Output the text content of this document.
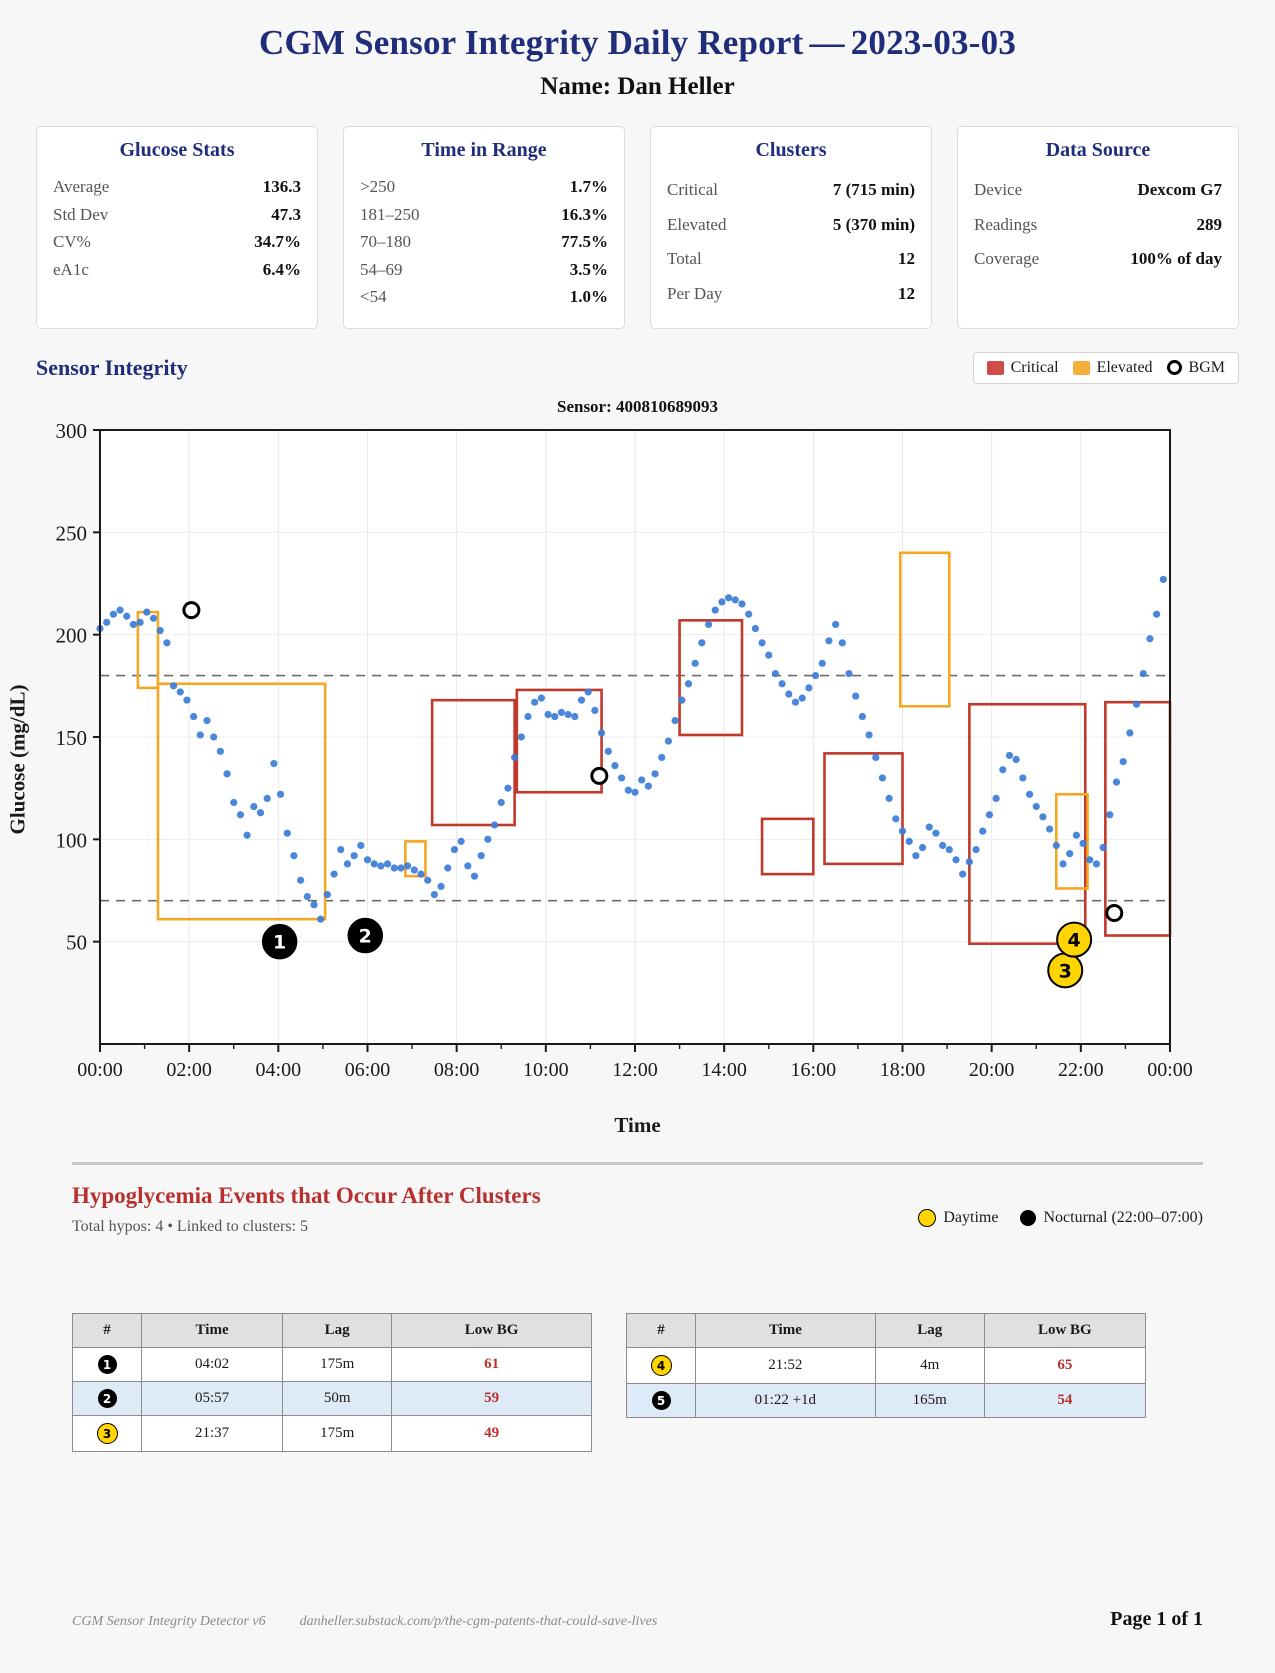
CGM Sensor Integrity Daily Report — 2023-03-03
Name: Dan Heller
Glucose Stats
Average	136.3
Std Dev	47.3
CV%	34.7%
eA1c	6.4%
Time in Range
>250	1.7%
181–250	16.3%
70–180	77.5%
54–69	3.5%
<54	1.0%
Clusters
Critical	7 (715 min)
Elevated	5 (370 min)
Total	12
Per Day	12
Data Source
Device	Dexcom G7
Readings	289
Coverage	100% of day
Sensor Integrity	Critical Elevated BGM
Sensor: 400810689093
Glucose (mg/dL)
1	2
3
4
50
100
150
200
250
300
00:00 02:00 04:00 06:00 08:00 10:00 12:00 14:00 16:00 18:00 20:00 22:00 00:00
Time
Hypoglycemia Events that Occur After Clusters
Total hypos: 4 • Linked to clusters: 5
Daytime	Nocturnal (22:00–07:00)
#	Time	Lag	Low BG
1	04:02	175m	61
2	05:57	50m	59
3	21:37	175m	49
#	Time	Lag	Low BG
4	21:52	4m	65
5	01:22 +1d	165m	54
CGM Sensor Integrity Detector v6 danheller.substack.com/p/the-cgm-patents-that-could-save-lives	Page 1 of 1
